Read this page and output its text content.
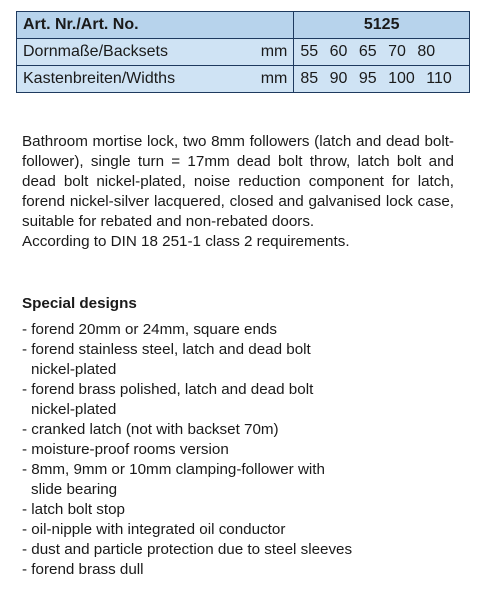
Art. Nr./Art. No.	5125
Dornmaße/Backsets mm	55 60 65 70 80
Kastenbreiten/Widths mm	85 90 95 100 110
Bathroom mortise lock, two 8mm followers (latch and dead bolt-follower), single turn = 17mm dead bolt throw, latch bolt and dead bolt nickel-plated, noise reduction component for latch, forend nickel-silver lacquered, closed and galvanised lock case, suitable for rebated and non-rebated doors.
According to DIN 18 251-1 class 2 requirements.
Special designs
- forend 20mm or 24mm, square ends
- forend stainless steel, latch and dead bolt
nickel-plated
- forend brass polished, latch and dead bolt
nickel-plated
- cranked latch (not with backset 70m)
- moisture-proof rooms version
- 8mm, 9mm or 10mm clamping-follower with
slide bearing
- latch bolt stop
- oil-nipple with integrated oil conductor
- dust and particle protection due to steel sleeves
- forend brass dull
